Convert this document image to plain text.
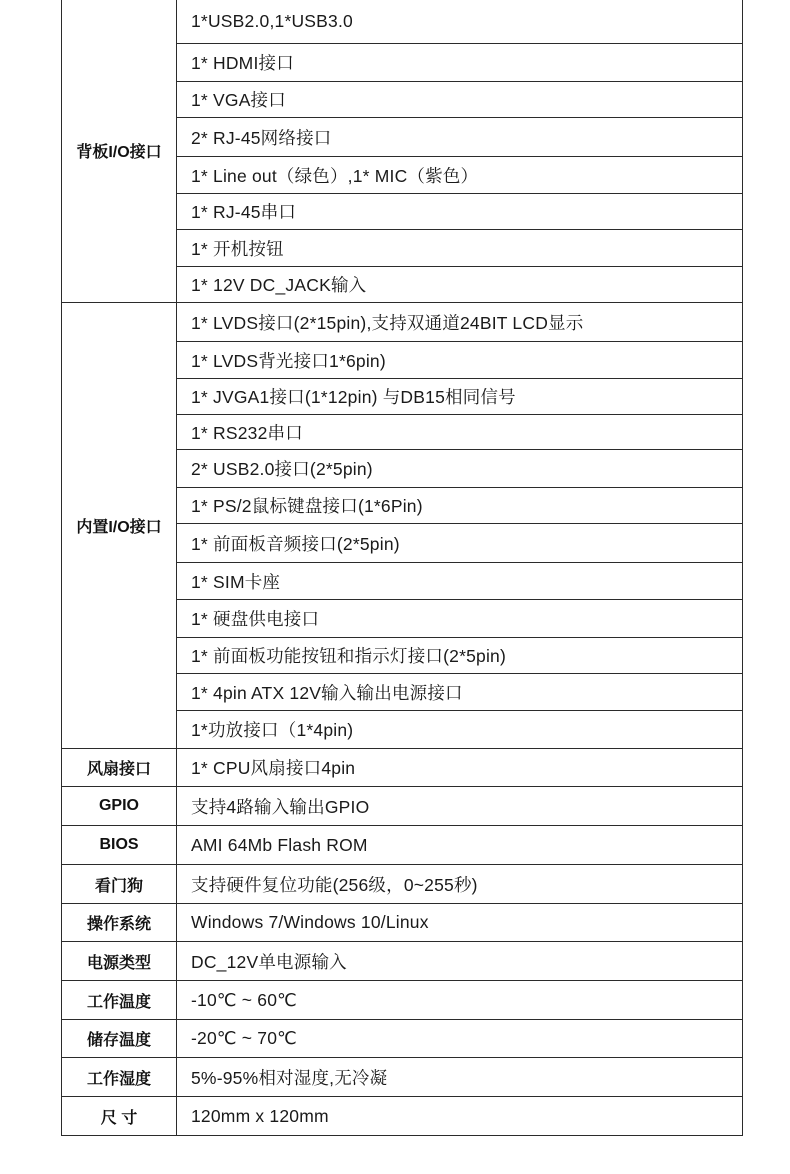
背板I/O接口	1*USB2.0,1*USB3.0
	1* HDMI接口
	1* VGA接口
	2* RJ-45网络接口
	1* Line out（绿色）,1* MIC（紫色）
	1* RJ-45串口
	1* 开机按钮
	1* 12V DC_JACK输入
内置I/O接口	1* LVDS接口(2*15pin),支持双通道24BIT LCD显示
	1* LVDS背光接口1*6pin)
	1* JVGA1接口(1*12pin) 与DB15相同信号
	1* RS232串口
	2* USB2.0接口(2*5pin)
	1* PS/2鼠标键盘接口(1*6Pin)
	1* 前面板音频接口(2*5pin)
	1* SIM卡座
	1* 硬盘供电接口
	1* 前面板功能按钮和指示灯接口(2*5pin)
	1* 4pin ATX 12V输入输出电源接口
	1*功放接口（1*4pin)
风扇接口	1* CPU风扇接口4pin
GPIO	支持4路输入输出GPIO
BIOS	AMI 64Mb Flash ROM
看门狗	支持硬件复位功能(256级，0~255秒)
操作系统	Windows 7/Windows 10/Linux
电源类型	DC_12V单电源输入
工作温度	-10℃ ~ 60℃
储存温度	-20℃ ~ 70℃
工作湿度	5%-95%相对湿度,无冷凝
尺 寸	120mm x 120mm
